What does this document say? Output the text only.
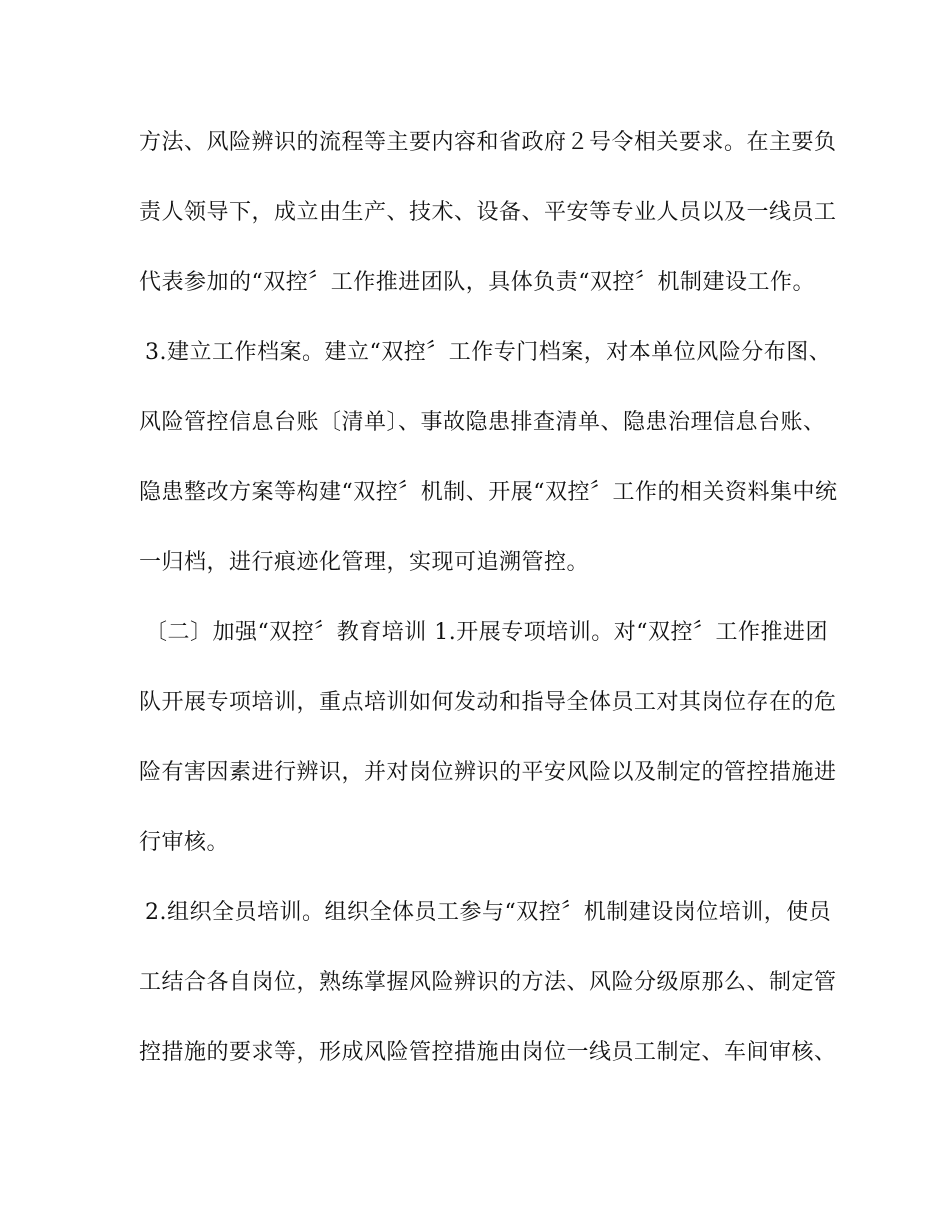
方法、风险辨识的流程等主要内容和省政府２号令相关要求。在主要负
责人领导下，成立由生产、技术、设备、平安等专业人员以及一线员工
代表参加的“双控〞工作推进团队，具体负责“双控〞机制建设工作。
3.建立工作档案。建立“双控〞工作专门档案，对本单位风险分布图、
风险管控信息台账〔清单〕、事故隐患排查清单、隐患治理信息台账、
隐患整改方案等构建“双控〞机制、开展“双控〞工作的相关资料集中统
一归档，进行痕迹化管理，实现可追溯管控。
〔二〕加强“双控〞教育培训 1.开展专项培训。对“双控〞工作推进团
队开展专项培训，重点培训如何发动和指导全体员工对其岗位存在的危
险有害因素进行辨识，并对岗位辨识的平安风险以及制定的管控措施进
行审核。
2.组织全员培训。组织全体员工参与“双控〞机制建设岗位培训，使员
工结合各自岗位，熟练掌握风险辨识的方法、风险分级原那么、制定管
控措施的要求等，形成风险管控措施由岗位一线员工制定、车间审核、
